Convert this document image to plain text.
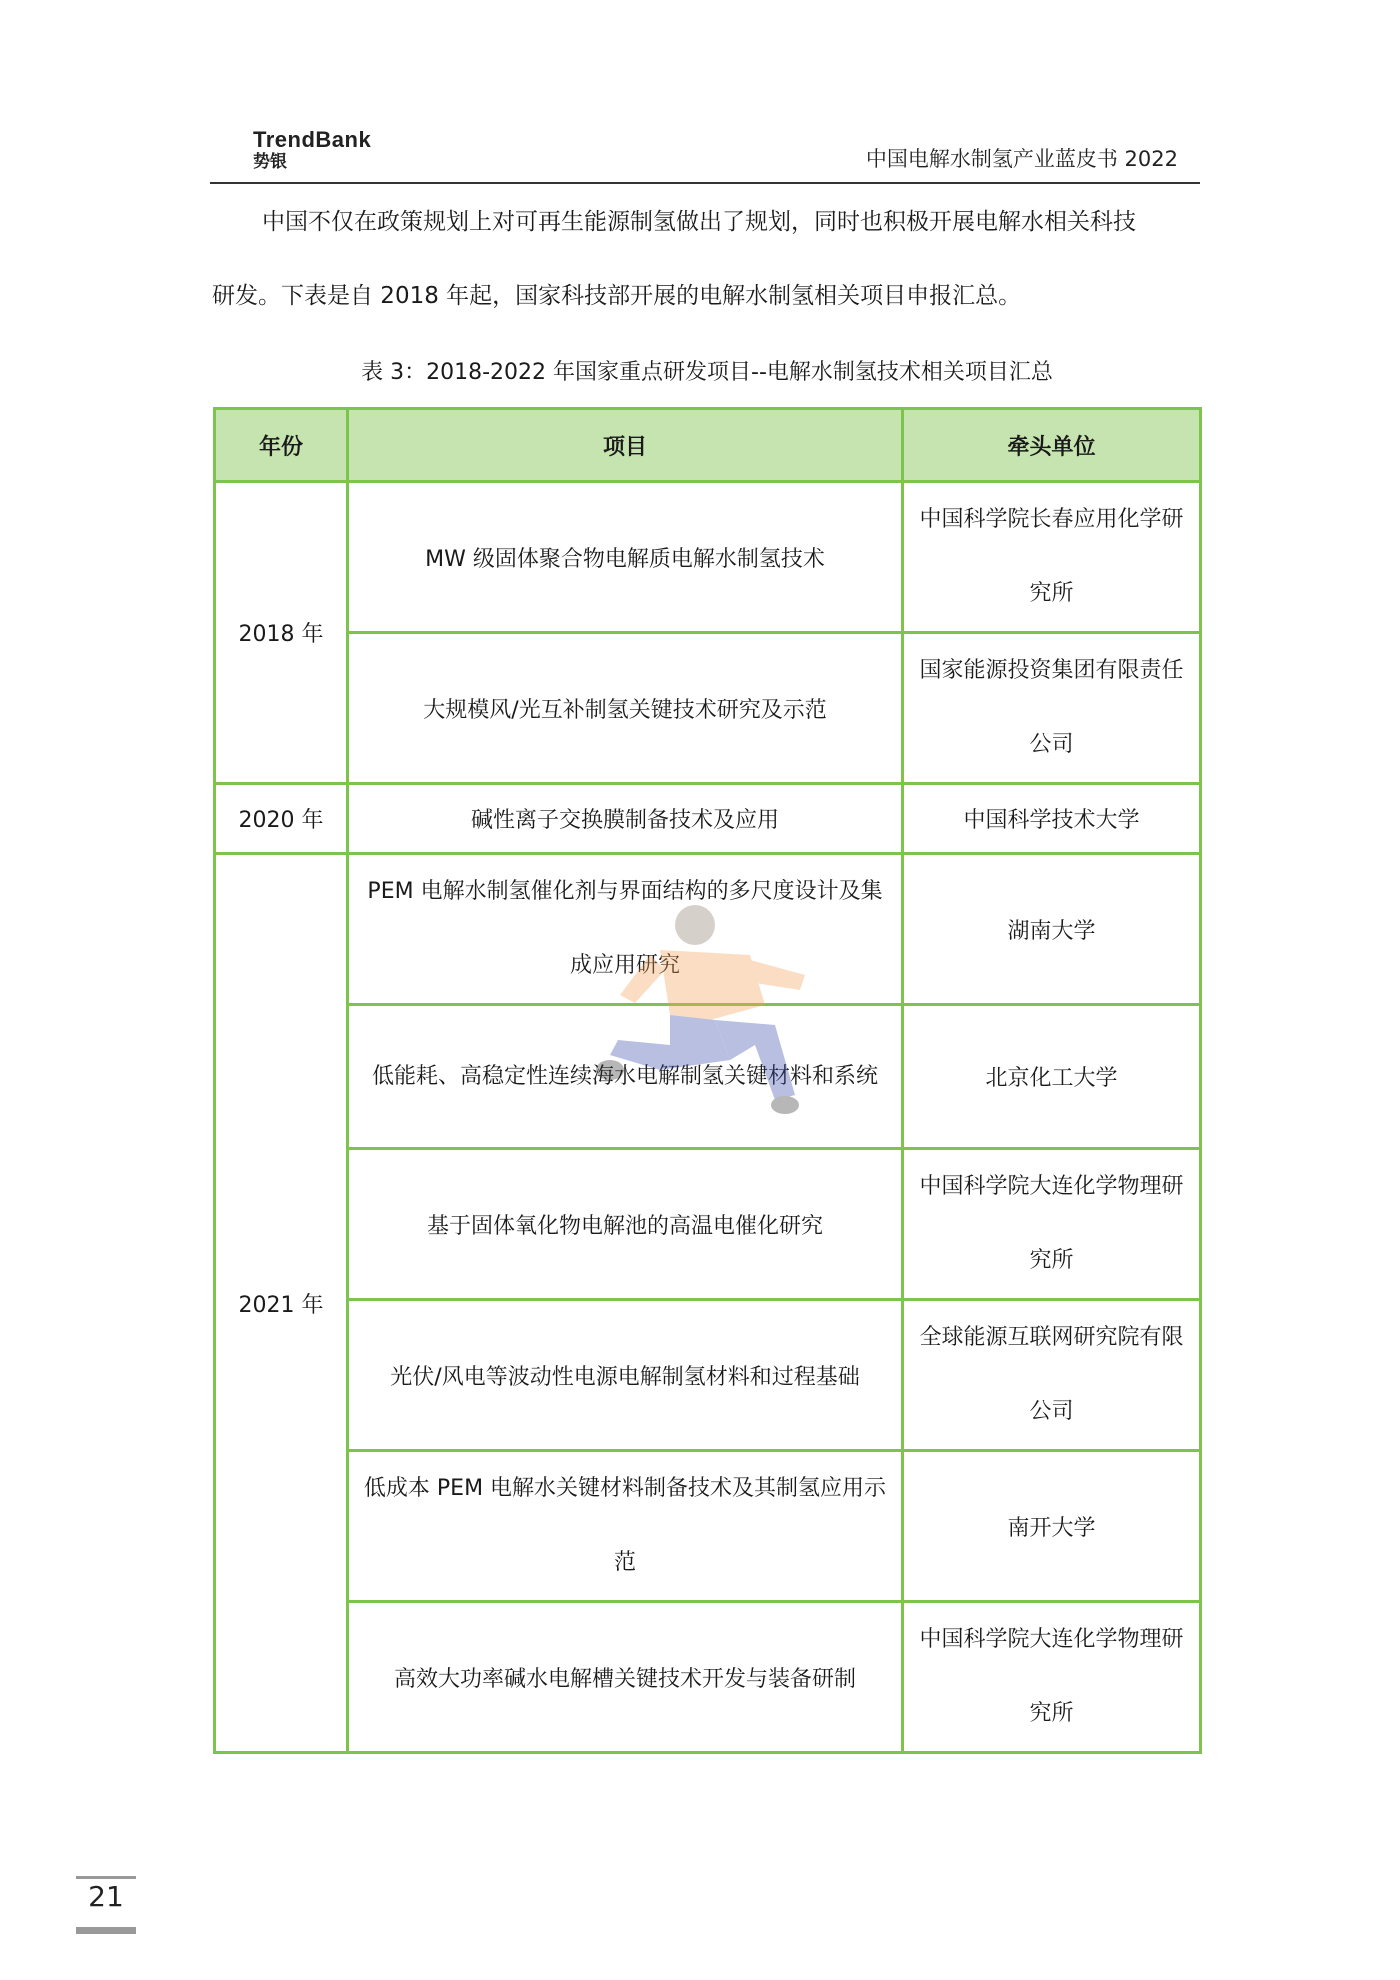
TrendBank
势银	中国电解水制氢产业蓝皮书 2022
中国不仅在政策规划上对可再生能源制氢做出了规划，同时也积极开展电解水相关科技
研发。下表是自 2018 年起，国家科技部开展的电解水制氢相关项目申报汇总。
表 3：2018-2022 年国家重点研发项目--电解水制氢技术相关项目汇总
年份	项目	牵头单位
2018 年	MW 级固体聚合物电解质电解水制氢技术	中国科学院长春应用化学研究所
	大规模风/光互补制氢关键技术研究及示范	国家能源投资集团有限责任公司
2020 年	碱性离子交换膜制备技术及应用	中国科学技术大学
2021 年	PEM 电解水制氢催化剂与界面结构的多尺度设计及集成应用研究	湖南大学
	低能耗、高稳定性连续海水电解制氢关键材料和系统	北京化工大学
	基于固体氧化物电解池的高温电催化研究	中国科学院大连化学物理研究所
	光伏/风电等波动性电源电解制氢材料和过程基础	全球能源互联网研究院有限公司
	低成本 PEM 电解水关键材料制备技术及其制氢应用示范	南开大学
	高效大功率碱水电解槽关键技术开发与装备研制	中国科学院大连化学物理研究所
21
